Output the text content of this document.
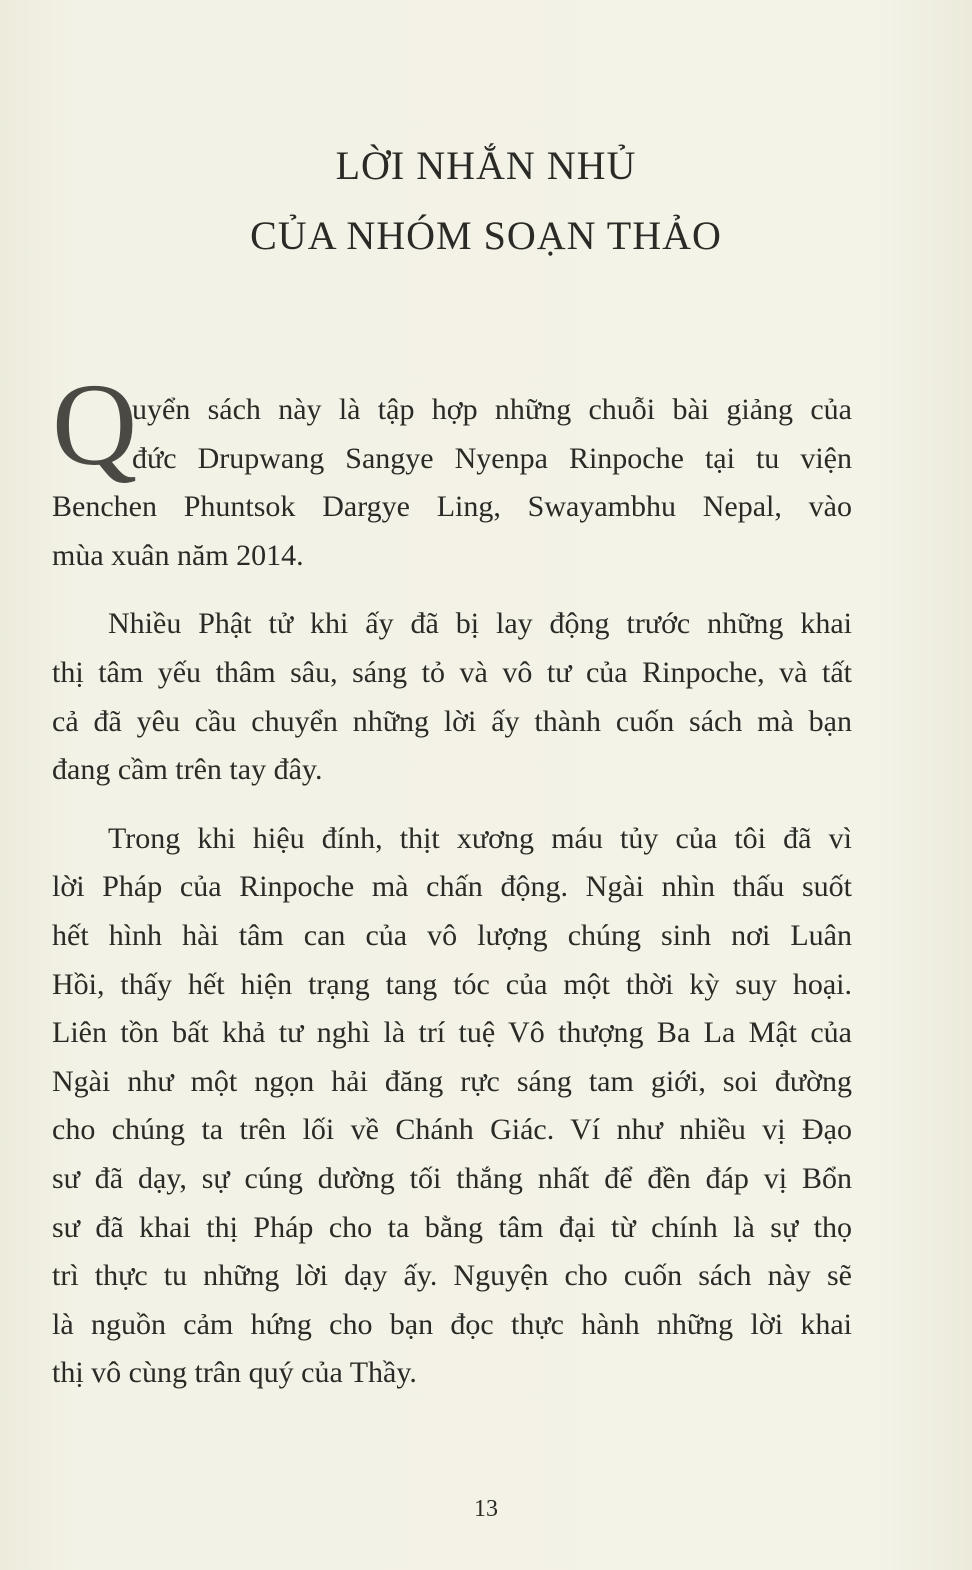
LỜI NHẮN NHỦ
CỦA NHÓM SOẠN THẢO
Q
uyển sách này là tập hợp những chuỗi bài giảng của
đức Drupwang Sangye Nyenpa Rinpoche tại tu viện
Benchen Phuntsok Dargye Ling, Swayambhu Nepal, vào
mùa xuân năm 2014.
Nhiều Phật tử khi ấy đã bị lay động trước những khai
thị tâm yếu thâm sâu, sáng tỏ và vô tư của Rinpoche, và tất
cả đã yêu cầu chuyển những lời ấy thành cuốn sách mà bạn
đang cầm trên tay đây.
Trong khi hiệu đính, thịt xương máu tủy của tôi đã vì
lời Pháp của Rinpoche mà chấn động. Ngài nhìn thấu suốt
hết hình hài tâm can của vô lượng chúng sinh nơi Luân
Hồi, thấy hết hiện trạng tang tóc của một thời kỳ suy hoại.
Liên tồn bất khả tư nghì là trí tuệ Vô thượng Ba La Mật của
Ngài như một ngọn hải đăng rực sáng tam giới, soi đường
cho chúng ta trên lối về Chánh Giác. Ví như nhiều vị Đạo
sư đã dạy, sự cúng dường tối thắng nhất để đền đáp vị Bổn
sư đã khai thị Pháp cho ta bằng tâm đại từ chính là sự thọ
trì thực tu những lời dạy ấy. Nguyện cho cuốn sách này sẽ
là nguồn cảm hứng cho bạn đọc thực hành những lời khai
thị vô cùng trân quý của Thầy.
13
